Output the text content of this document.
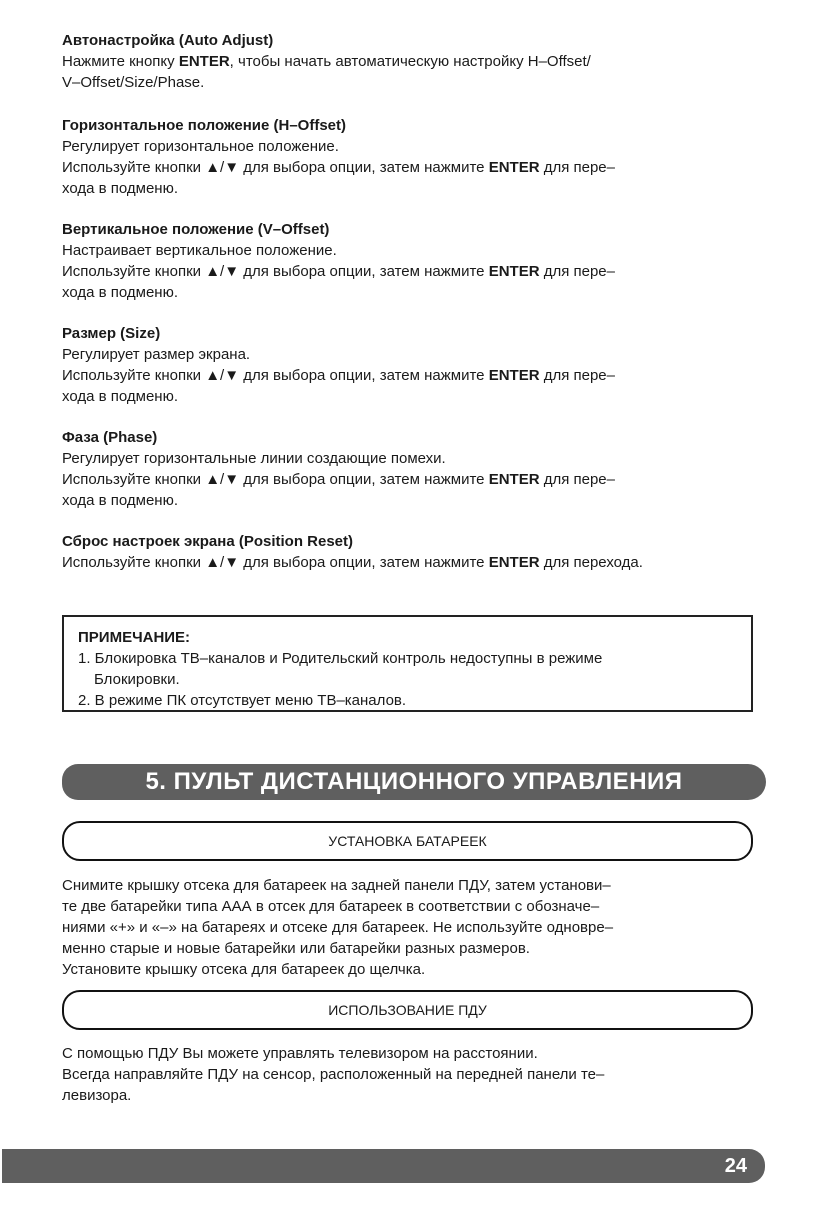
Автонастройка (Auto Adjust)
Нажмите кнопку ENTER, чтобы начать автоматическую настройку H–Offset/
V–Offset/Size/Phase.
Горизонтальное положение (H–Offset)
Регулирует горизонтальное положение.
Используйте кнопки ▲/▼ для выбора опции, затем нажмите ENTER для пере–
хода в подменю.
Вертикальное положение (V–Offset)
Настраивает вертикальное положение.
Используйте кнопки ▲/▼ для выбора опции, затем нажмите ENTER для пере–
хода в подменю.
Размер (Size)
Регулирует размер экрана.
Используйте кнопки ▲/▼ для выбора опции, затем нажмите ENTER для пере–
хода в подменю.
Фаза (Phase)
Регулирует горизонтальные линии создающие помехи.
Используйте кнопки ▲/▼ для выбора опции, затем нажмите ENTER для пере–
хода в подменю.
Сброс настроек экрана (Position Reset)
Используйте кнопки ▲/▼ для выбора опции, затем нажмите ENTER для перехода.
ПРИМЕЧАНИЕ:
1. Блокировка ТВ–каналов и Родительский контроль недоступны в режиме
Блокировки.
2. В режиме ПК отсутствует меню ТВ–каналов.
5. ПУЛЬТ ДИСТАНЦИОННОГО УПРАВЛЕНИЯ
УСТАНОВКА БАТАРЕЕК
Снимите крышку отсека для батареек на задней панели ПДУ, затем установи–
те две батарейки типа ААА в отсек для батареек в соответствии с обозначе–
ниями «+» и «–» на батареях и отсеке для батареек. Не используйте одновре–
менно старые и новые батарейки или батарейки разных размеров.
Установите крышку отсека для батареек до щелчка.
ИСПОЛЬЗОВАНИЕ ПДУ
С помощью ПДУ Вы можете управлять телевизором на расстоянии.
Всегда направляйте ПДУ на сенсор, расположенный на передней панели те–
левизора.
24
